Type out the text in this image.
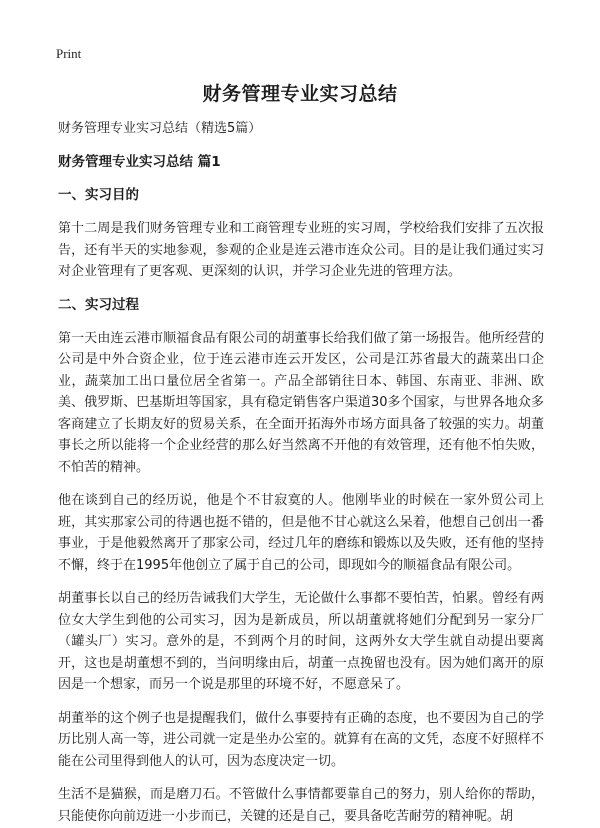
Print
财务管理专业实习总结

财务管理专业实习总结（精选5篇）

财务管理专业实习总结 篇1

一、实习目的

第十二周是我们财务管理专业和工商管理专业班的实习周，学校给我们安排了五次报告，还有半天的实地参观，参观的企业是连云港市连众公司。目的是让我们通过实习对企业管理有了更客观、更深刻的认识，并学习企业先进的管理方法。

二、实习过程

第一天由连云港市顺福食品有限公司的胡董事长给我们做了第一场报告。他所经营的公司是中外合资企业，位于连云港市连云开发区，公司是江苏省最大的蔬菜出口企业，蔬菜加工出口量位居全省第一。产品全部销往日本、韩国、东南亚、非洲、欧美、俄罗斯、巴基斯坦等国家，具有稳定销售客户渠道30多个国家，与世界各地众多客商建立了长期友好的贸易关系，在全面开拓海外市场方面具备了较强的实力。胡董事长之所以能将一个企业经营的那么好当然离不开他的有效管理，还有他不怕失败，不怕苦的精神。

他在谈到自己的经历说，他是个不甘寂寞的人。他刚毕业的时候在一家外贸公司上班，其实那家公司的待遇也挺不错的，但是他不甘心就这么呆着，他想自己创出一番事业，于是他毅然离开了那家公司，经过几年的磨练和锻炼以及失败，还有他的坚持不懈，终于在1995年他创立了属于自己的公司，即现如今的顺福食品有限公司。

胡董事长以自己的经历告诫我们大学生，无论做什么事都不要怕苦，怕累。曾经有两位女大学生到他的公司实习，因为是新成员，所以胡董就将她们分配到另一家分厂（罐头厂）实习。意外的是，不到两个月的时间，这两外女大学生就自动提出要离开，这也是胡董想不到的，当问明缘由后，胡董一点挽留也没有。因为她们离开的原因是一个想家，而另一个说是那里的环境不好，不愿意呆了。

胡董举的这个例子也是提醒我们，做什么事要持有正确的态度，也不要因为自己的学历比别人高一等，进公司就一定是坐办公室的。就算有在高的文凭，态度不好照样不能在公司里得到他人的认可，因为态度决定一切。

生活不是猫猴，而是磨刀石。不管做什么事情都要靠自己的努力，别人给你的帮助，只能使你向前迈进一小步而已，关键的还是自己，要具备吃苦耐劳的精神呢。胡
